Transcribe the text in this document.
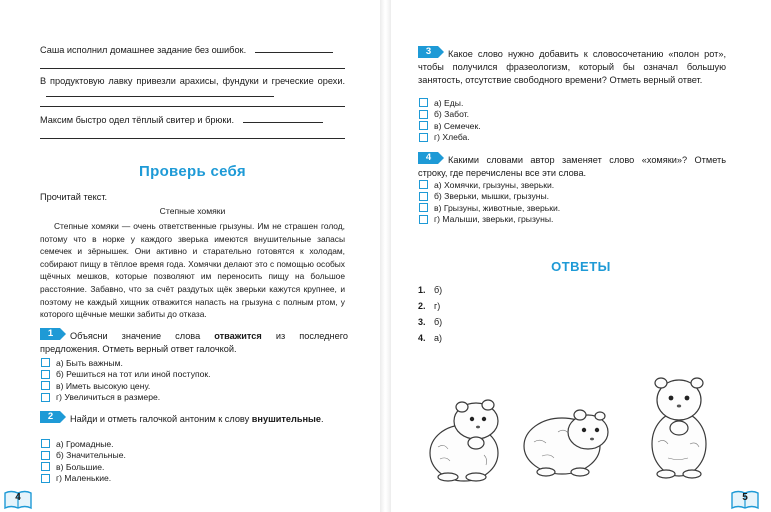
Саша исполнил домашнее задание без ошибок.
В продуктовую лавку привезли арахисы, фундуки и греческие орехи.
Максим быстро одел тёплый свитер и брюки.
Проверь себя
Прочитай текст.
Степные хомяки
Степные хомяки — очень ответственные грызуны. Им не страшен голод, потому что в норке у каждого зверька имеются внушительные запасы семечек и зёрнышек. Они активно и старательно готовятся к холодам, собирают пищу в тёплое время года. Хомячки делают это с помощью особых щёчных мешков, которые позволяют им переносить пищу на большое расстояние. Забавно, что за счёт раздутых щёк зверьки кажутся крупнее, и поэтому не каждый хищник отважится напасть на грызуна с полным ртом, у которого щёчные мешки забиты до отказа.
1	Объясни значение слова отважится из последнего предложения. Отметь верный ответ галочкой.
а) Быть важным.
б) Решиться на тот или иной поступок.
в) Иметь высокую цену.
г) Увеличиться в размере.
2	Найди и отметь галочкой антоним к слову внушительные.
а) Громадные.
б) Значительные.
в) Большие.
г) Маленькие.
4
3	Какое слово нужно добавить к словосочетанию «полон рот», чтобы получился фразеологизм, который бы означал большую занятость, отсутствие свободного времени? Отметь верный ответ.
а) Еды.
б) Забот.
в) Семечек.
г) Хлеба.
4	Какими словами автор заменяет слово «хомяки»? Отметь строку, где перечислены все эти слова.
а) Хомячки, грызуны, зверьки.
б) Зверьки, мышки, грызуны.
в) Грызуны, животные, зверьки.
г) Малыши, зверьки, грызуны.
ОТВЕТЫ
1. б)
2. г)
3. б)
4. а)
5
